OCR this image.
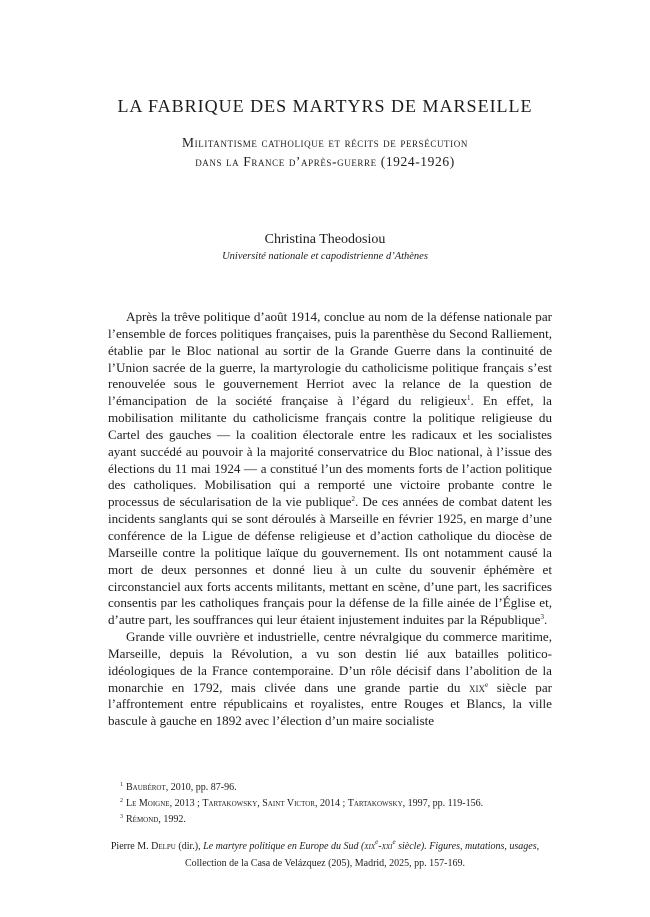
LA FABRIQUE DES MARTYRS DE MARSEILLE
Militantisme catholique et récits de persécution
dans la France d’après-guerre (1924-1926)
Christina Theodosiou
Université nationale et capodistrienne d’Athènes

Après la trêve politique d’août 1914, conclue au nom de la défense nationale par l’ensemble de forces politiques françaises, puis la parenthèse du Second Ralliement, établie par le Bloc national au sortir de la Grande Guerre dans la continuité de l’Union sacrée de la guerre, la martyrologie du catholicisme politique français s’est renouvelée sous le gouvernement Herriot avec la relance de la question de l’émancipation de la société française à l’égard du religieux$^1$. En effet, la mobilisation militante du catholicisme français contre la politique religieuse du Cartel des gauches — la coalition électorale entre les radicaux et les socialistes ayant succédé au pouvoir à la majorité conservatrice du Bloc national, à l’issue des élections du 11 mai 1924 — a constitué l’un des moments forts de l’action politique des catholiques. Mobilisation qui a remporté une victoire probante contre le processus de sécularisation de la vie publique$^2$. De ces années de combat datent les incidents sanglants qui se sont déroulés à Marseille en février 1925, en marge d’une conférence de la Ligue de défense religieuse et d’action catholique du diocèse de Marseille contre la politique laïque du gouvernement. Ils ont notamment causé la mort de deux personnes et donné lieu à un culte du souvenir éphémère et circonstanciel aux forts accents militants, mettant en scène, d’une part, les sacrifices consentis par les catholiques français pour la défense de la fille ainée de l’Église et, d’autre part, les souffrances qui leur étaient injustement induites par la République$^3$.

Grande ville ouvrière et industrielle, centre névralgique du commerce maritime, Marseille, depuis la Révolution, a vu son destin lié aux batailles politico-idéologiques de la France contemporaine. D’un rôle décisif dans l’abolition de la monarchie en 1792, mais clivée dans une grande partie du xix$^e$ siècle par l’affrontement entre républicains et royalistes, entre Rouges et Blancs, la ville bascule à gauche en 1892 avec l’élection d’un maire socialiste

$^1$ Baubérot, 2010, pp. 87-96.
$^2$ Le Moigne, 2013 ; Tartakowsky, Saint Victor, 2014 ; Tartakowsky, 1997, pp. 119-156.
$^3$ Rémond, 1992.
Pierre M. Delpu (dir.), Le martyre politique en Europe du Sud (xix$^e$-xxi$^e$ siècle). Figures, mutations, usages,
Collection de la Casa de Velázquez (205), Madrid, 2025, pp. 157-169.
